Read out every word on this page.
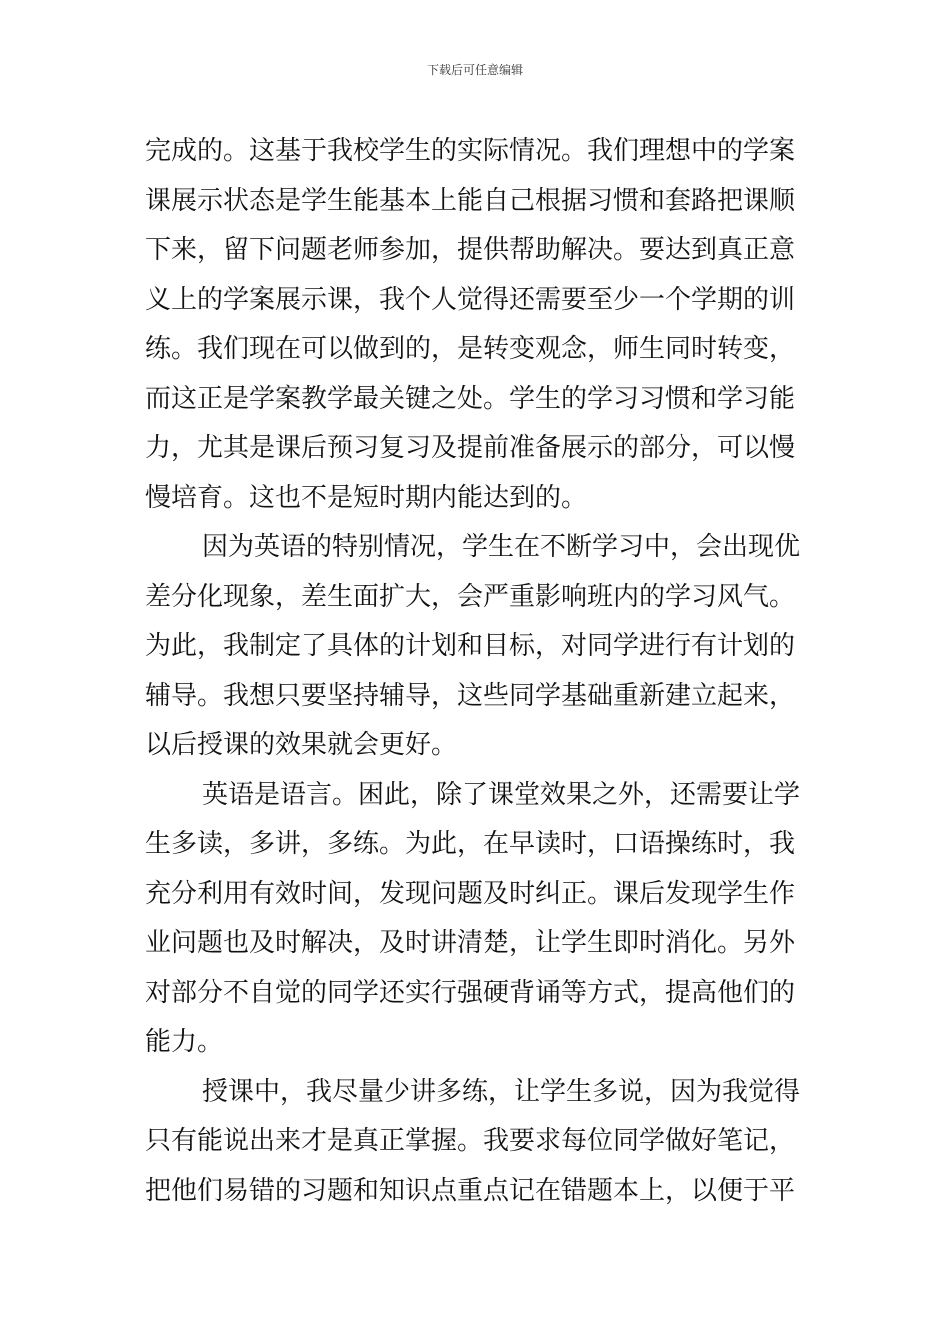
下载后可任意编辑
完成的。这基于我校学生的实际情况。我们理想中的学案
课展示状态是学生能基本上能自己根据习惯和套路把课顺
下来，留下问题老师参加，提供帮助解决。要达到真正意
义上的学案展示课，我个人觉得还需要至少一个学期的训
练。我们现在可以做到的，是转变观念，师生同时转变，
而这正是学案教学最关键之处。学生的学习习惯和学习能
力，尤其是课后预习复习及提前准备展示的部分，可以慢
慢培育。这也不是短时期内能达到的。
因为英语的特别情况，学生在不断学习中，会出现优
差分化现象，差生面扩大，会严重影响班内的学习风气。
为此，我制定了具体的计划和目标，对同学进行有计划的
辅导。我想只要坚持辅导，这些同学基础重新建立起来，
以后授课的效果就会更好。
英语是语言。困此，除了课堂效果之外，还需要让学
生多读，多讲，多练。为此，在早读时，口语操练时，我
充分利用有效时间，发现问题及时纠正。课后发现学生作
业问题也及时解决，及时讲清楚，让学生即时消化。另外
对部分不自觉的同学还实行强硬背诵等方式，提高他们的
能力。
授课中，我尽量少讲多练，让学生多说，因为我觉得
只有能说出来才是真正掌握。我要求每位同学做好笔记，
把他们易错的习题和知识点重点记在错题本上，以便于平
